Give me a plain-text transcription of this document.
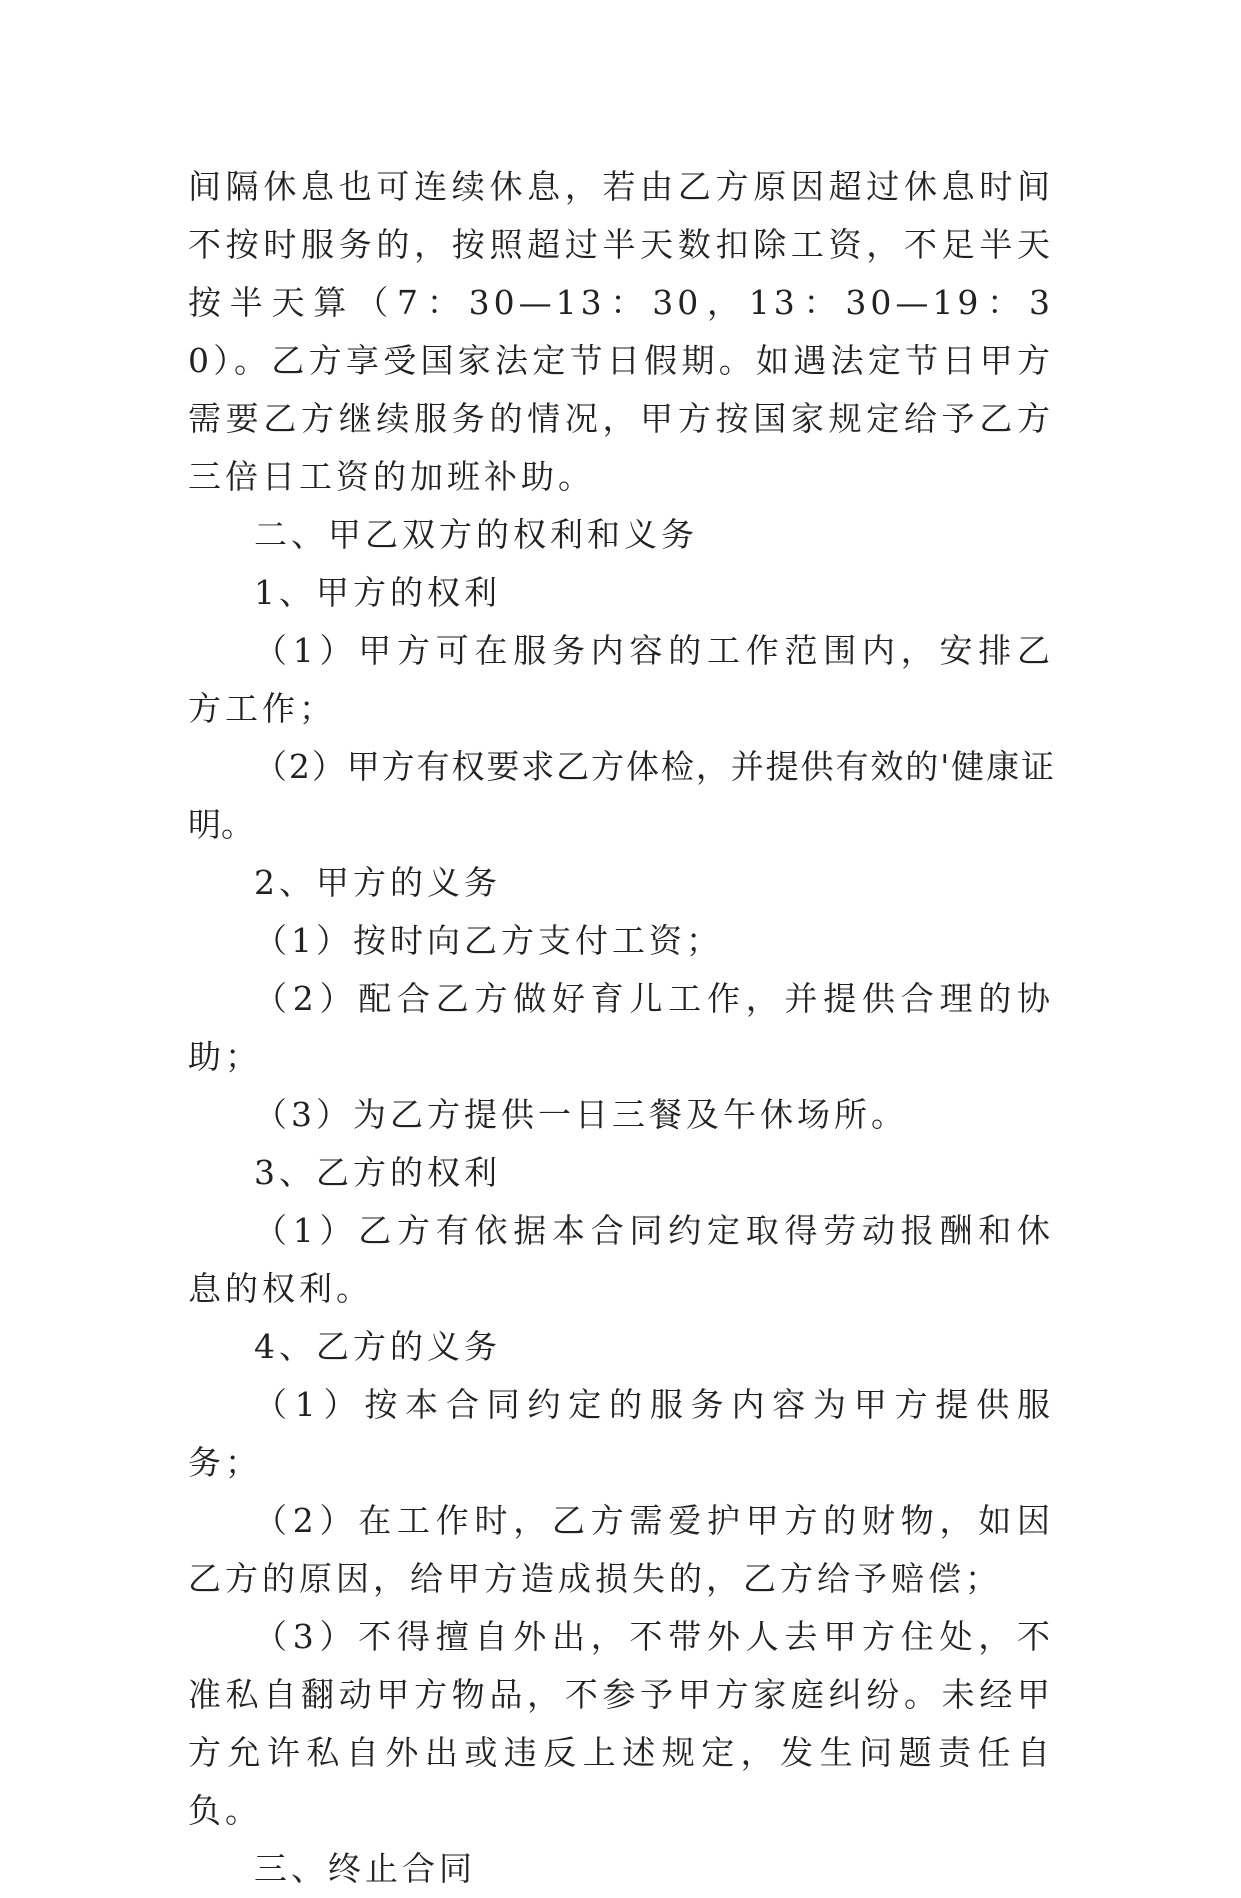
间隔休息也可连续休息，若由乙方原因超过休息时间不按时服务的，按照超过半天数扣除工资，不足半天按半天算（7：30—13：30，13：30—19：30）。乙方享受国家法定节日假期。如遇法定节日甲方需要乙方继续服务的情况，甲方按国家规定给予乙方三倍日工资的加班补助。

二、甲乙双方的权利和义务

1、甲方的权利

（1）甲方可在服务内容的工作范围内，安排乙方工作；

（2）甲方有权要求乙方体检，并提供有效的'健康证明。

2、甲方的义务

（1）按时向乙方支付工资；

（2）配合乙方做好育儿工作，并提供合理的协助；

（3）为乙方提供一日三餐及午休场所。

3、乙方的权利

（1）乙方有依据本合同约定取得劳动报酬和休息的权利。

4、乙方的义务

（1）按本合同约定的服务内容为甲方提供服务；

（2）在工作时，乙方需爱护甲方的财物，如因乙方的原因，给甲方造成损失的，乙方给予赔偿；

（3）不得擅自外出，不带外人去甲方住处，不准私自翻动甲方物品，不参予甲方家庭纠纷。未经甲方允许私自外出或违反上述规定，发生问题责任自负。

三、终止合同
